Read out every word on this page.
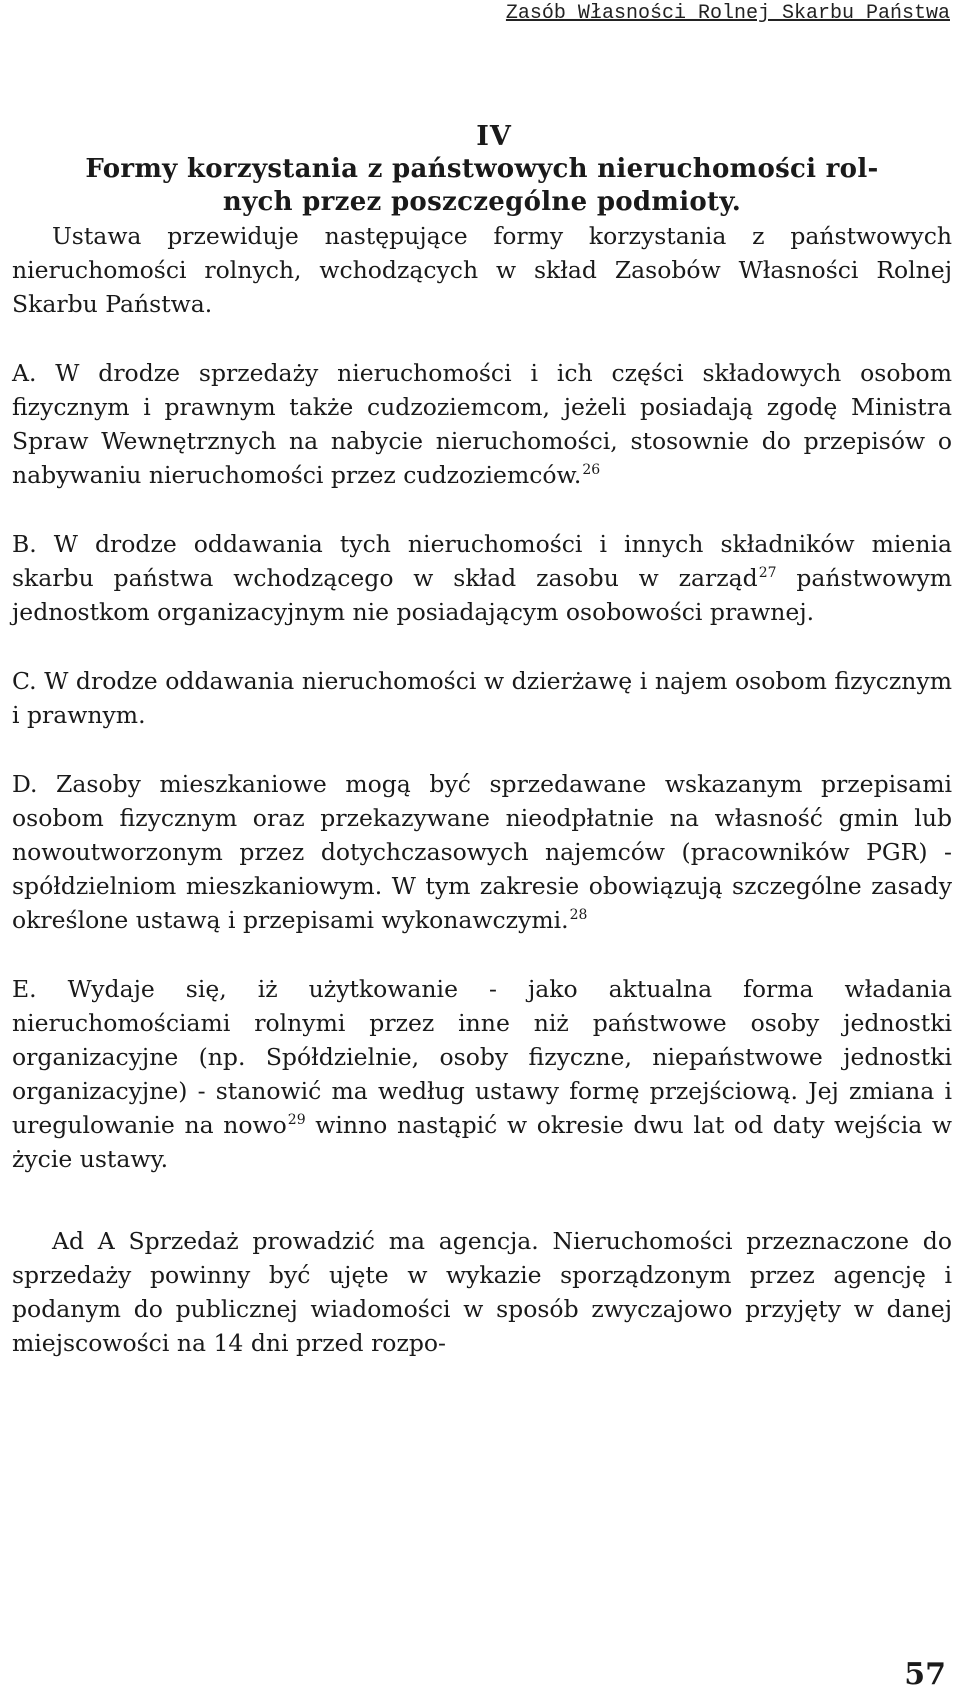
Zasób Własności Rolnej Skarbu Państwa
IV
Formy korzystania z państwowych nieruchomości rol-
nych przez poszczególne podmioty.

Ustawa przewiduje następujące formy korzystania z państwowych nieruchomości rolnych, wchodzących w skład Zasobów Własności Rolnej Skarbu Państwa.

A. W drodze sprzedaży nieruchomości i ich części składowych osobom fizycznym i prawnym także cudzoziemcom, jeżeli posiadają zgodę Ministra Spraw Wewnętrznych na nabycie nieruchomości, stosownie do przepisów o nabywaniu nieruchomości przez cudzoziemców.$^{26}$

B. W drodze oddawania tych nieruchomości i innych składników mienia skarbu państwa wchodzącego w skład zasobu w zarząd$^{27}$ państwowym jednostkom organizacyjnym nie posiadającym osobowości prawnej.

C. W drodze oddawania nieruchomości w dzierżawę i najem osobom fizycznym i prawnym.

D. Zasoby mieszkaniowe mogą być sprzedawane wskazanym przepisami osobom fizycznym oraz przekazywane nieodpłatnie na własność gmin lub nowoutworzonym przez dotychczasowych najemców (pracowników PGR) - spółdzielniom mieszkaniowym. W tym zakresie obowiązują szczególne zasady określone ustawą i przepisami wykonawczymi.$^{28}$

E. Wydaje się, iż użytkowanie - jako aktualna forma władania nieruchomościami rolnymi przez inne niż państwowe osoby jednostki organizacyjne (np. Spółdzielnie, osoby fizyczne, niepaństwowe jednostki organizacyjne) - stanowić ma według ustawy formę przejściową. Jej zmiana i uregulowanie na nowo$^{29}$ winno nastąpić w okresie dwu lat od daty wejścia w życie ustawy.

Ad A Sprzedaż prowadzić ma agencja. Nieruchomości przeznaczone do sprzedaży powinny być ujęte w wykazie sporządzonym przez agencję i podanym do publicznej wiadomości w sposób zwyczajowo przyjęty w danej miejscowości na 14 dni przed rozpo-

57
